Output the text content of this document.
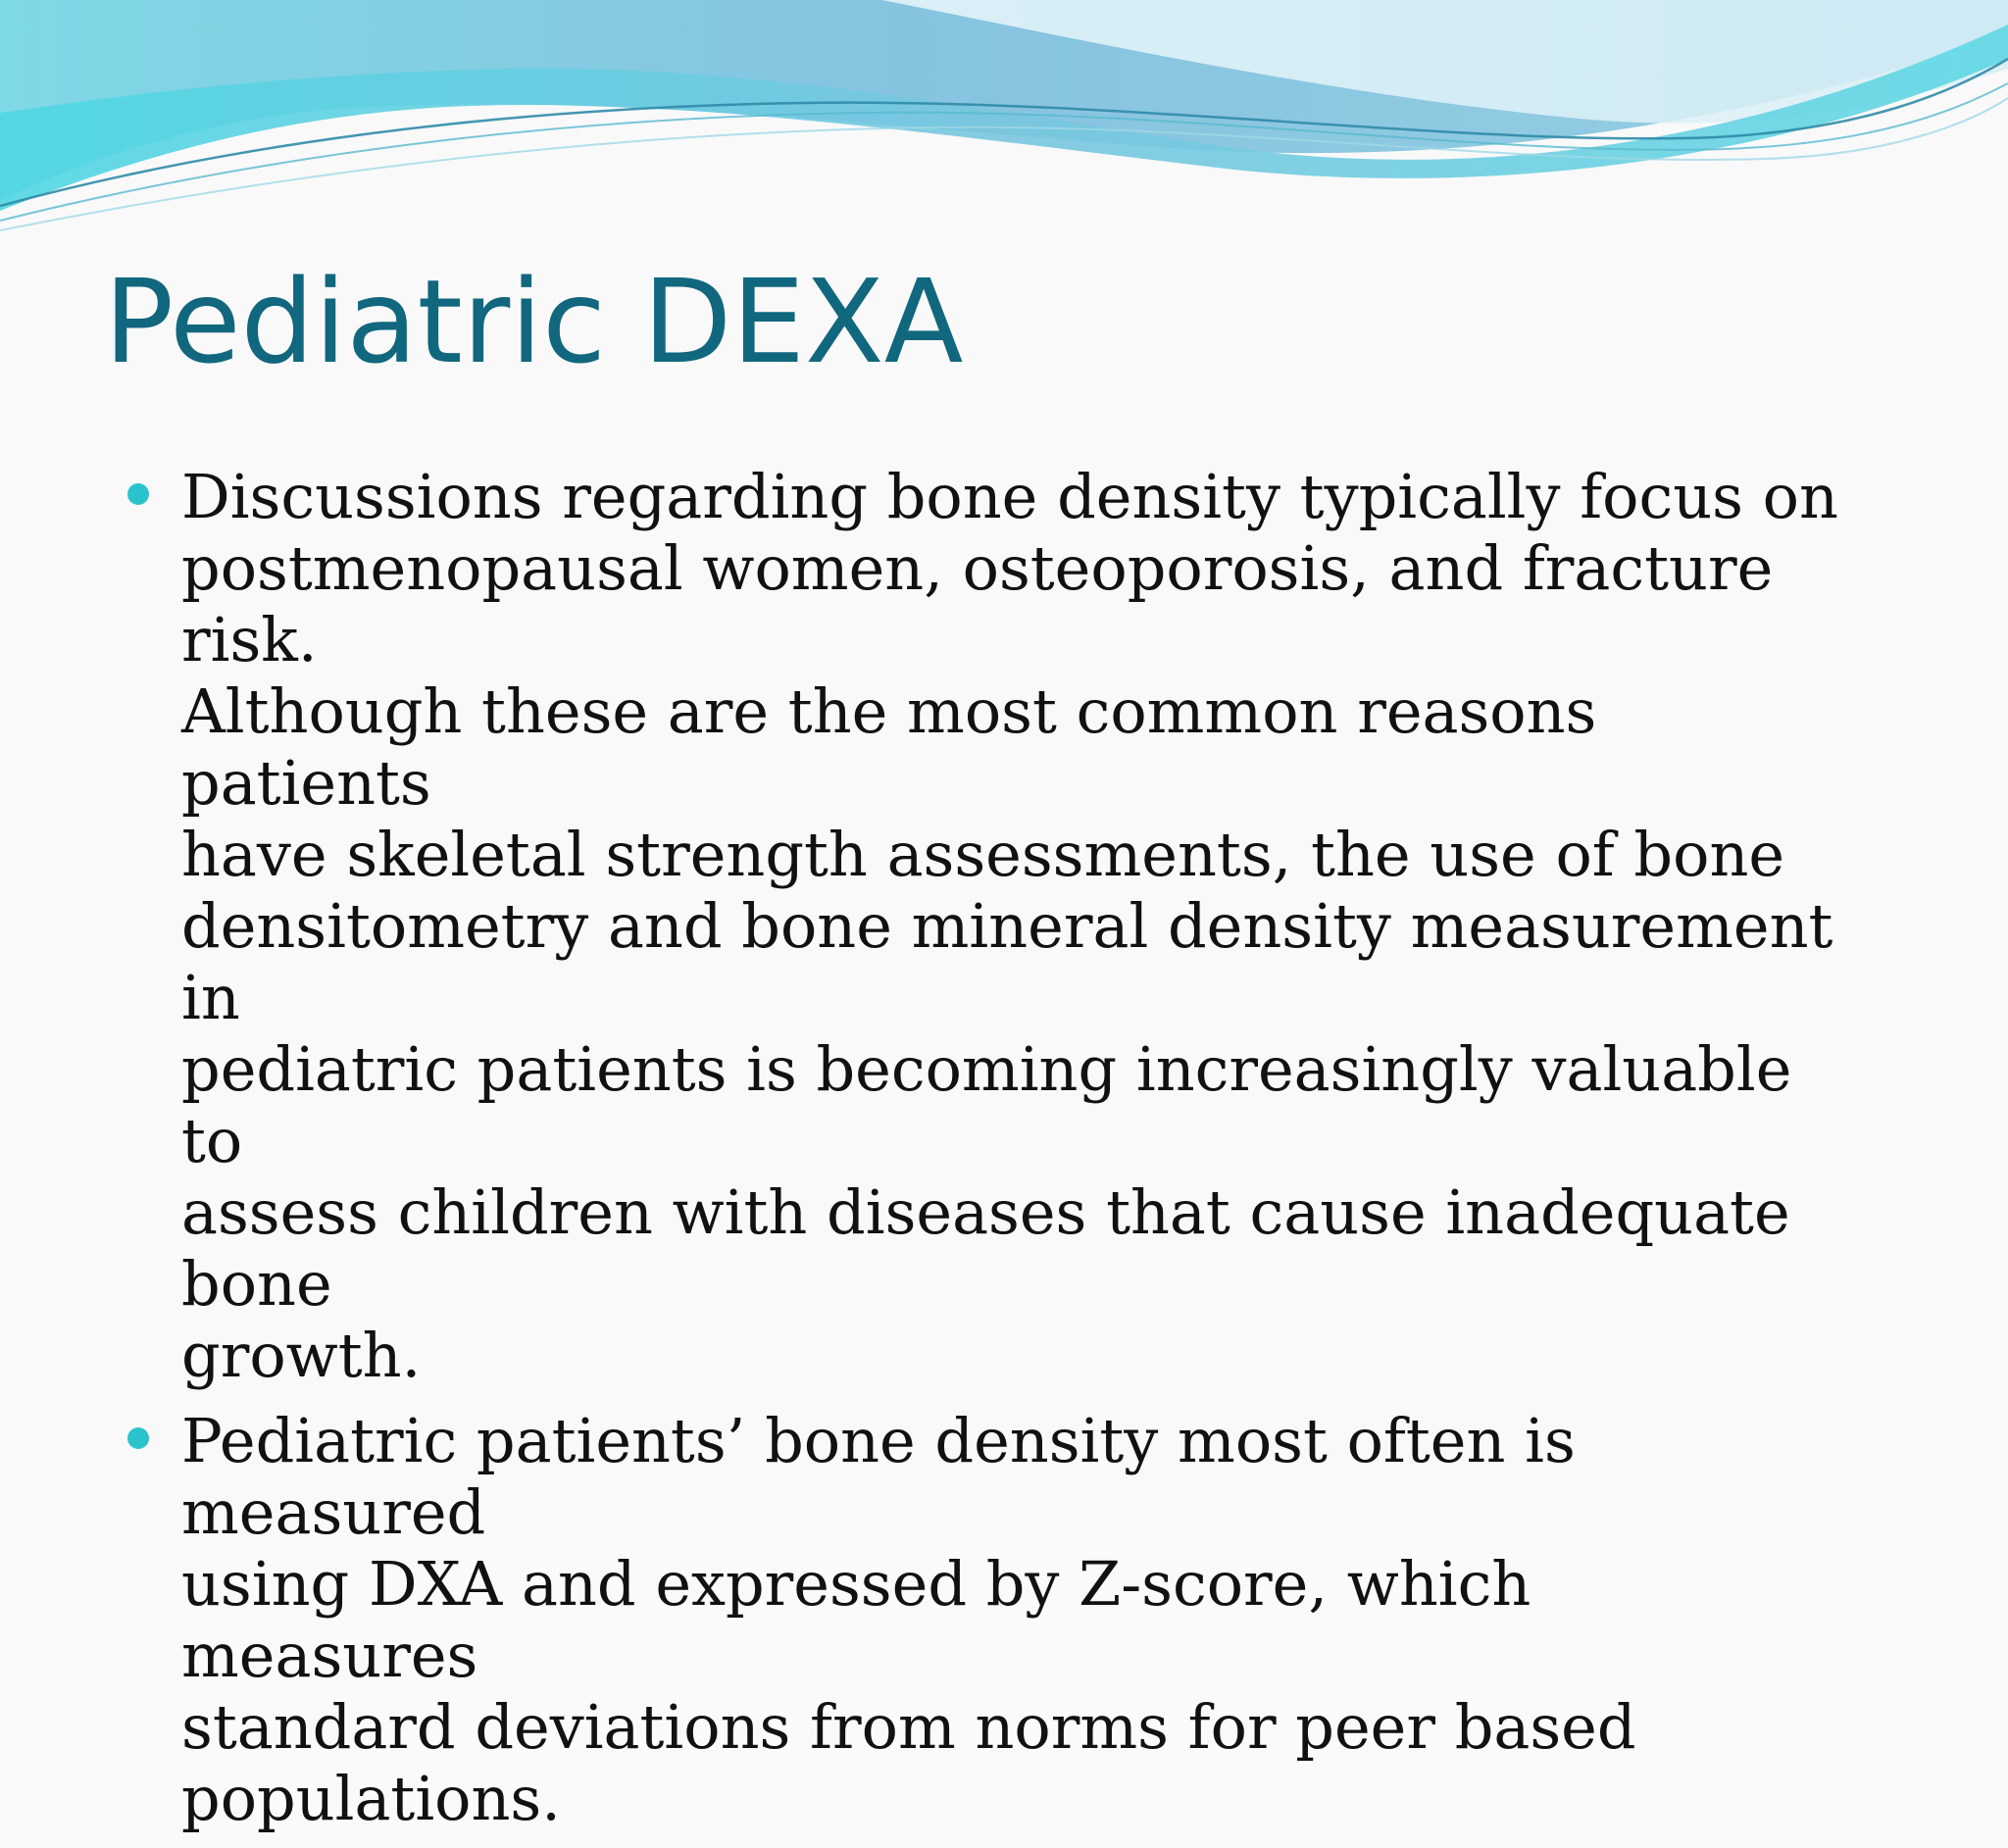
Pediatric DEXA
Discussions regarding bone density typically focus on
postmenopausal women, osteoporosis, and fracture risk.
Although these are the most common reasons patients
have skeletal strength assessments, the use of bone
densitometry and bone mineral density measurement in
pediatric patients is becoming increasingly valuable to
assess children with diseases that cause inadequate bone
growth.
Pediatric patients’ bone density most often is measured
using DXA and expressed by Z-score, which measures
standard deviations from norms for peer based
populations.
